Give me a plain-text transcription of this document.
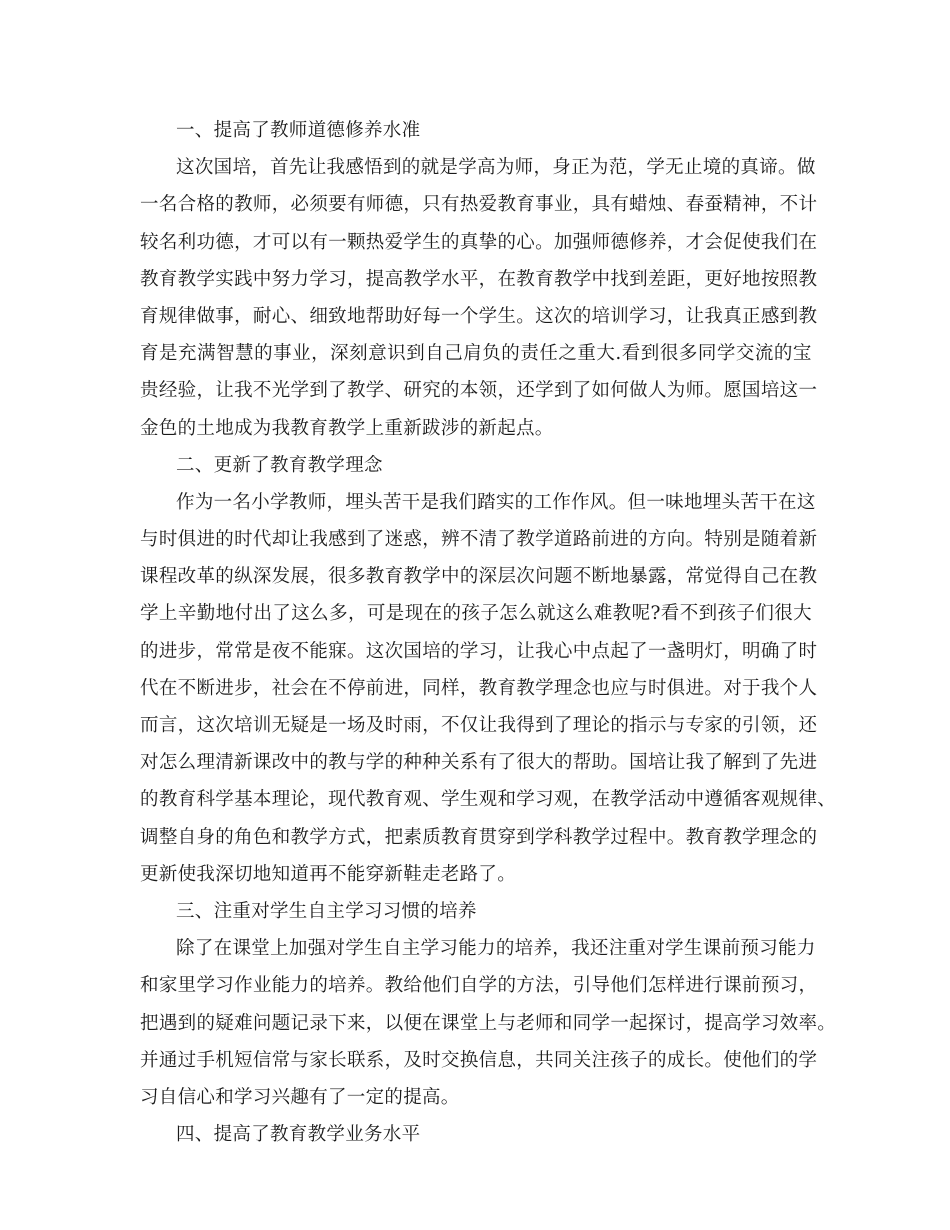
一、提高了教师道德修养水准
这 次 国 培 ， 首 先 让 我 感 悟 到 的 就 是 学 高 为 师 ， 身 正 为 范 ， 学 无 止 境 的 真 谛 。 做
一 名 合 格 的 教 师 ， 必 须 要 有 师 德 ， 只 有 热 爱 教 育 事 业 ， 具 有 蜡 烛 、 春 蚕 精 神 ， 不 计
较 名 利 功 德 ， 才 可 以 有 一 颗 热 爱 学 生 的 真 挚 的 心 。 加 强 师 德 修 养 ， 才 会 促 使 我 们 在
教 育 教 学 实 践 中 努 力 学 习 ， 提 高 教 学 水 平 ， 在 教 育 教 学 中 找 到 差 距 ， 更 好 地 按 照 教
育 规 律 做 事 ， 耐 心 、 细 致 地 帮 助 好 每 一 个 学 生 。 这 次 的 培 训 学 习 ， 让 我 真 正 感 到 教
育 是 充 满 智 慧 的 事 业 ， 深 刻 意 识 到 自 己 肩 负 的 责 任 之 重 大 . 看 到 很 多 同 学 交 流 的 宝
贵 经 验 ， 让 我 不 光 学 到 了 教 学 、 研 究 的 本 领 ， 还 学 到 了 如 何 做 人 为 师 。 愿 国 培 这 一
金色的土地成为我教育教学上重新跋涉的新起点。
二、更新了教育教学理念
作 为 一 名 小 学 教 师 ， 埋 头 苦 干 是 我 们 踏 实 的 工 作 作 风 。 但 一 味 地 埋 头 苦 干 在 这
与 时 俱 进 的 时 代 却 让 我 感 到 了 迷 惑 ， 辨 不 清 了 教 学 道 路 前 进 的 方 向 。 特 别 是 随 着 新
课 程 改 革 的 纵 深 发 展 ， 很 多 教 育 教 学 中 的 深 层 次 问 题 不 断 地 暴 露 ， 常 觉 得 自 己 在 教
学 上 辛 勤 地 付 出 了 这 么 多 ， 可 是 现 在 的 孩 子 怎 么 就 这 么 难 教 呢 ? 看 不 到 孩 子 们 很 大
的 进 步 ， 常 常 是 夜 不 能 寐 。 这 次 国 培 的 学 习 ， 让 我 心 中 点 起 了 一 盏 明 灯 ， 明 确 了 时
代 在 不 断 进 步 ， 社 会 在 不 停 前 进 ， 同 样 ， 教 育 教 学 理 念 也 应 与 时 俱 进 。 对 于 我 个 人
而 言 ， 这 次 培 训 无 疑 是 一 场 及 时 雨 ， 不 仅 让 我 得 到 了 理 论 的 指 示 与 专 家 的 引 领 ， 还
对 怎 么 理 清 新 课 改 中 的 教 与 学 的 种 种 关 系 有 了 很 大 的 帮 助 。 国 培 让 我 了 解 到 了 先 进
的 教 育 科 学 基 本 理 论 ， 现 代 教 育 观 、 学 生 观 和 学 习 观 ， 在 教 学 活 动 中 遵 循 客 观 规 律 、
调 整 自 身 的 角 色 和 教 学 方 式 ， 把 素 质 教 育 贯 穿 到 学 科 教 学 过 程 中 。 教 育 教 学 理 念 的
更新使我深切地知道再不能穿新鞋走老路了。
三、注重对学生自主学习习惯的培养
除 了 在 课 堂 上 加 强 对 学 生 自 主 学 习 能 力 的 培 养 ， 我 还 注 重 对 学 生 课 前 预 习 能 力
和 家 里 学 习 作 业 能 力 的 培 养 。 教 给 他 们 自 学 的 方 法 ， 引 导 他 们 怎 样 进 行 课 前 预 习 ，
把 遇 到 的 疑 难 问 题 记 录 下 来 ， 以 便 在 课 堂 上 与 老 师 和 同 学 一 起 探 讨 ， 提 高 学 习 效 率 。
并 通 过 手 机 短 信 常 与 家 长 联 系 ， 及 时 交 换 信 息 ， 共 同 关 注 孩 子 的 成 长 。 使 他 们 的 学
习自信心和学习兴趣有了一定的提高。
四、提高了教育教学业务水平
